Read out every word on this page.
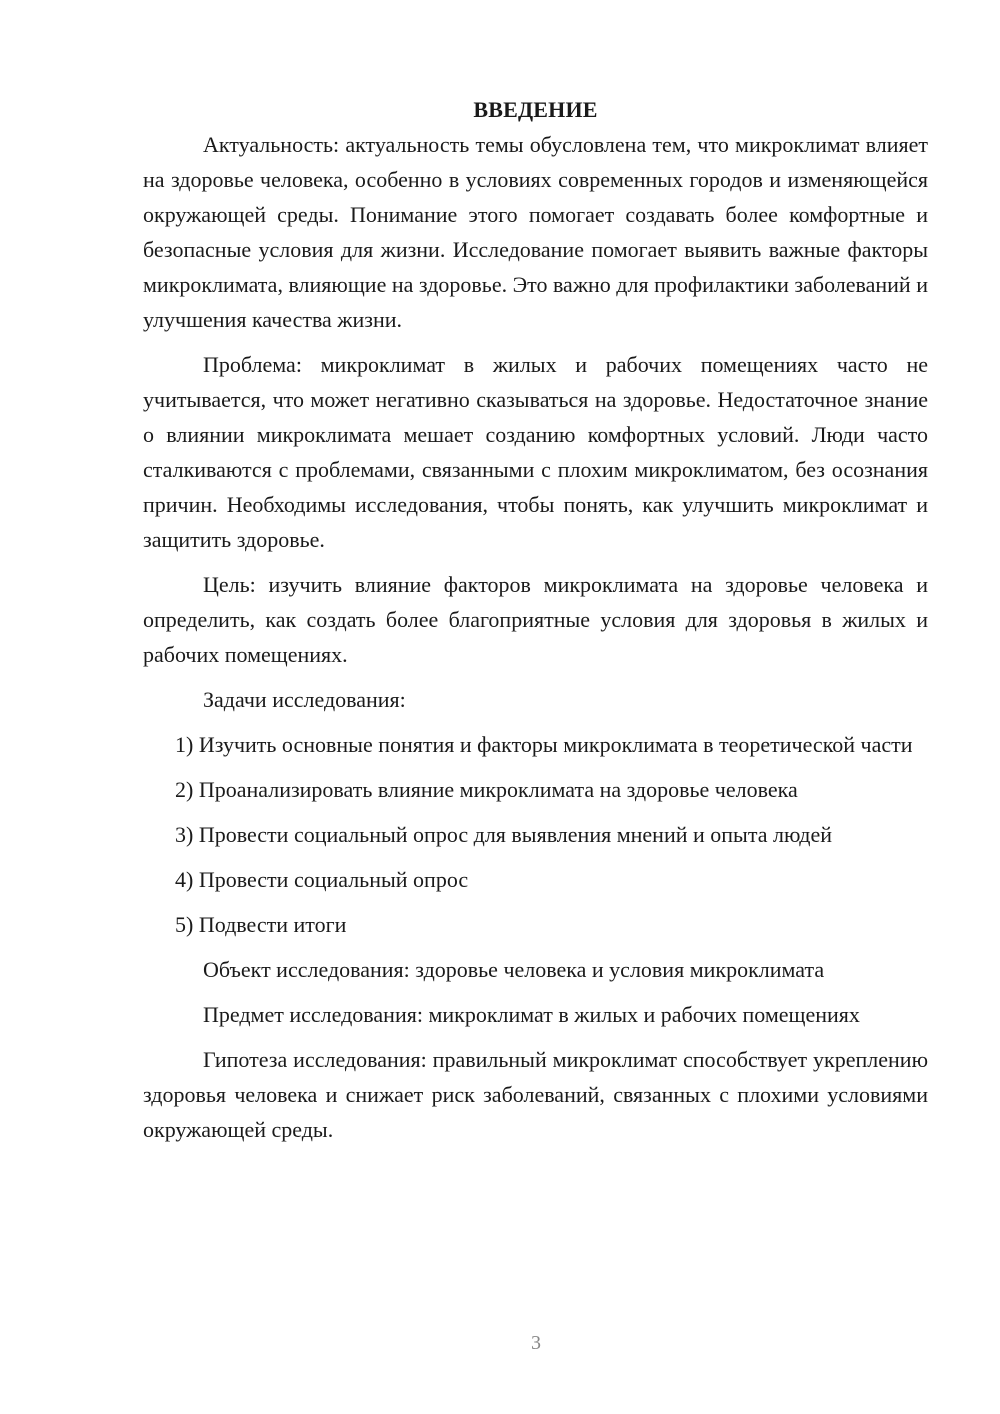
ВВЕДЕНИЕ

Актуальность: актуальность темы обусловлена тем, что микроклимат влияет на здоровье человека, особенно в условиях современных городов и изменяющейся окружающей среды. Понимание этого помогает создавать более комфортные и безопасные условия для жизни. Исследование помогает выявить важные факторы микроклимата, влияющие на здоровье. Это важно для профилактики заболеваний и улучшения качества жизни.

Проблема: микроклимат в жилых и рабочих помещениях часто не учитывается, что может негативно сказываться на здоровье. Недостаточное знание о влиянии микроклимата мешает созданию комфортных условий. Люди часто сталкиваются с проблемами, связанными с плохим микроклиматом, без осознания причин. Необходимы исследования, чтобы понять, как улучшить микроклимат и защитить здоровье.

Цель: изучить влияние факторов микроклимата на здоровье человека и определить, как создать более благоприятные условия для здоровья в жилых и рабочих помещениях.

Задачи исследования:

1) Изучить основные понятия и факторы микроклимата в теоретической части

2) Проанализировать влияние микроклимата на здоровье человека

3) Провести социальный опрос для выявления мнений и опыта людей

4) Провести социальный опрос

5) Подвести итоги

Объект исследования: здоровье человека и условия микроклимата

Предмет исследования: микроклимат в жилых и рабочих помещениях

Гипотеза исследования: правильный микроклимат способствует укреплению здоровья человека и снижает риск заболеваний, связанных с плохими условиями окружающей среды.

3
